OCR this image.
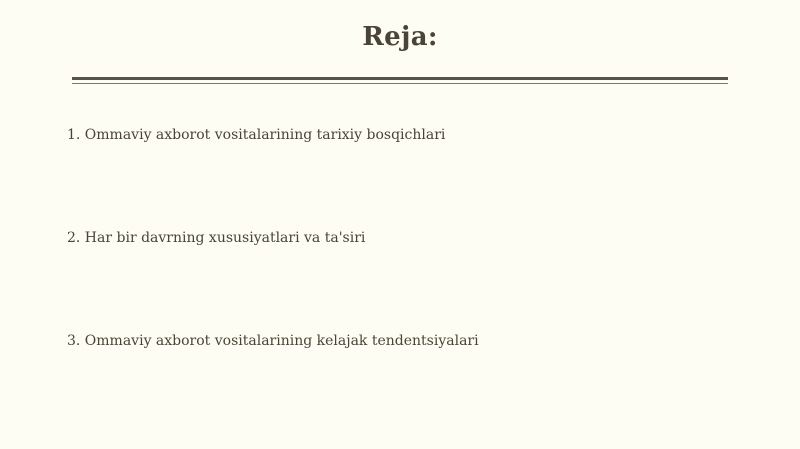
Reja:
1. Ommaviy axborot vositalarining tarixiy bosqichlari
2. Har bir davrning xususiyatlari va ta'siri
3. Ommaviy axborot vositalarining kelajak tendentsiyalari
